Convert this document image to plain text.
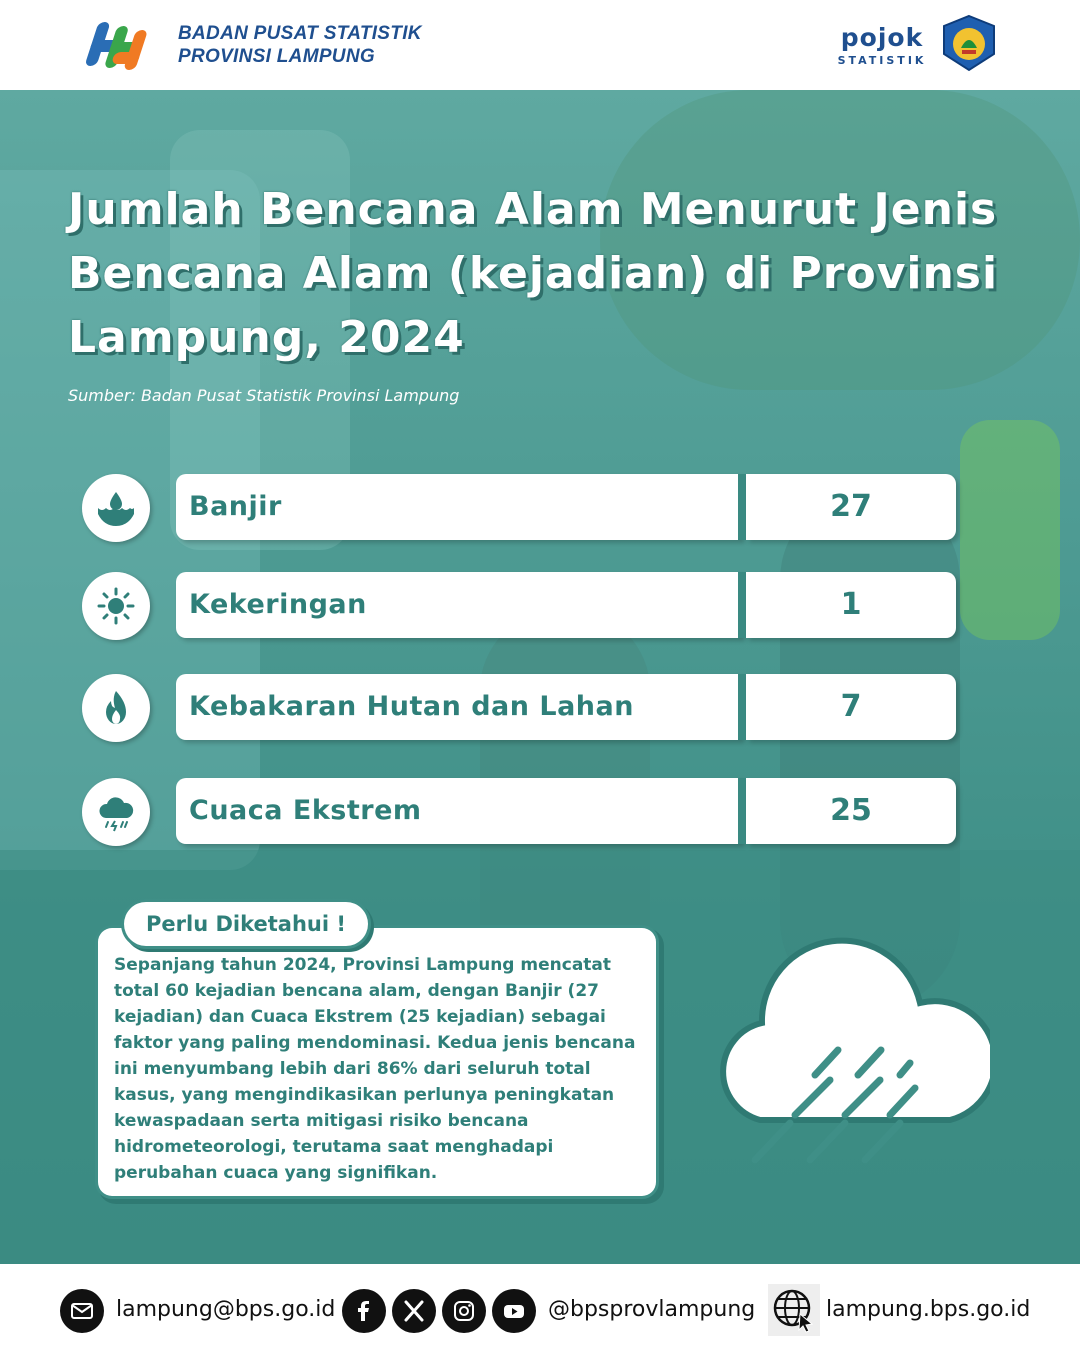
BADAN PUSAT STATISTIK
PROVINSI LAMPUNG
pojok
STATISTIK
Jumlah Bencana Alam Menurut Jenis Bencana Alam (kejadian) di Provinsi Lampung, 2024
Sumber: Badan Pusat Statistik Provinsi Lampung
Banjir	27
Kekeringan	1
Kebakaran Hutan dan Lahan	7
Cuaca Ekstrem	25
Sepanjang tahun 2024, Provinsi Lampung mencatat total 60 kejadian bencana alam, dengan Banjir (27 kejadian) dan Cuaca Ekstrem (25 kejadian) sebagai faktor yang paling mendominasi. Kedua jenis bencana ini menyumbang lebih dari 86% dari seluruh total kasus, yang mengindikasikan perlunya peningkatan kewaspadaan serta mitigasi risiko bencana hidrometeorologi, terutama saat menghadapi perubahan cuaca yang signifikan.
Perlu Diketahui !
lampung@bps.go.id	@bpsprovlampung	lampung.bps.go.id
